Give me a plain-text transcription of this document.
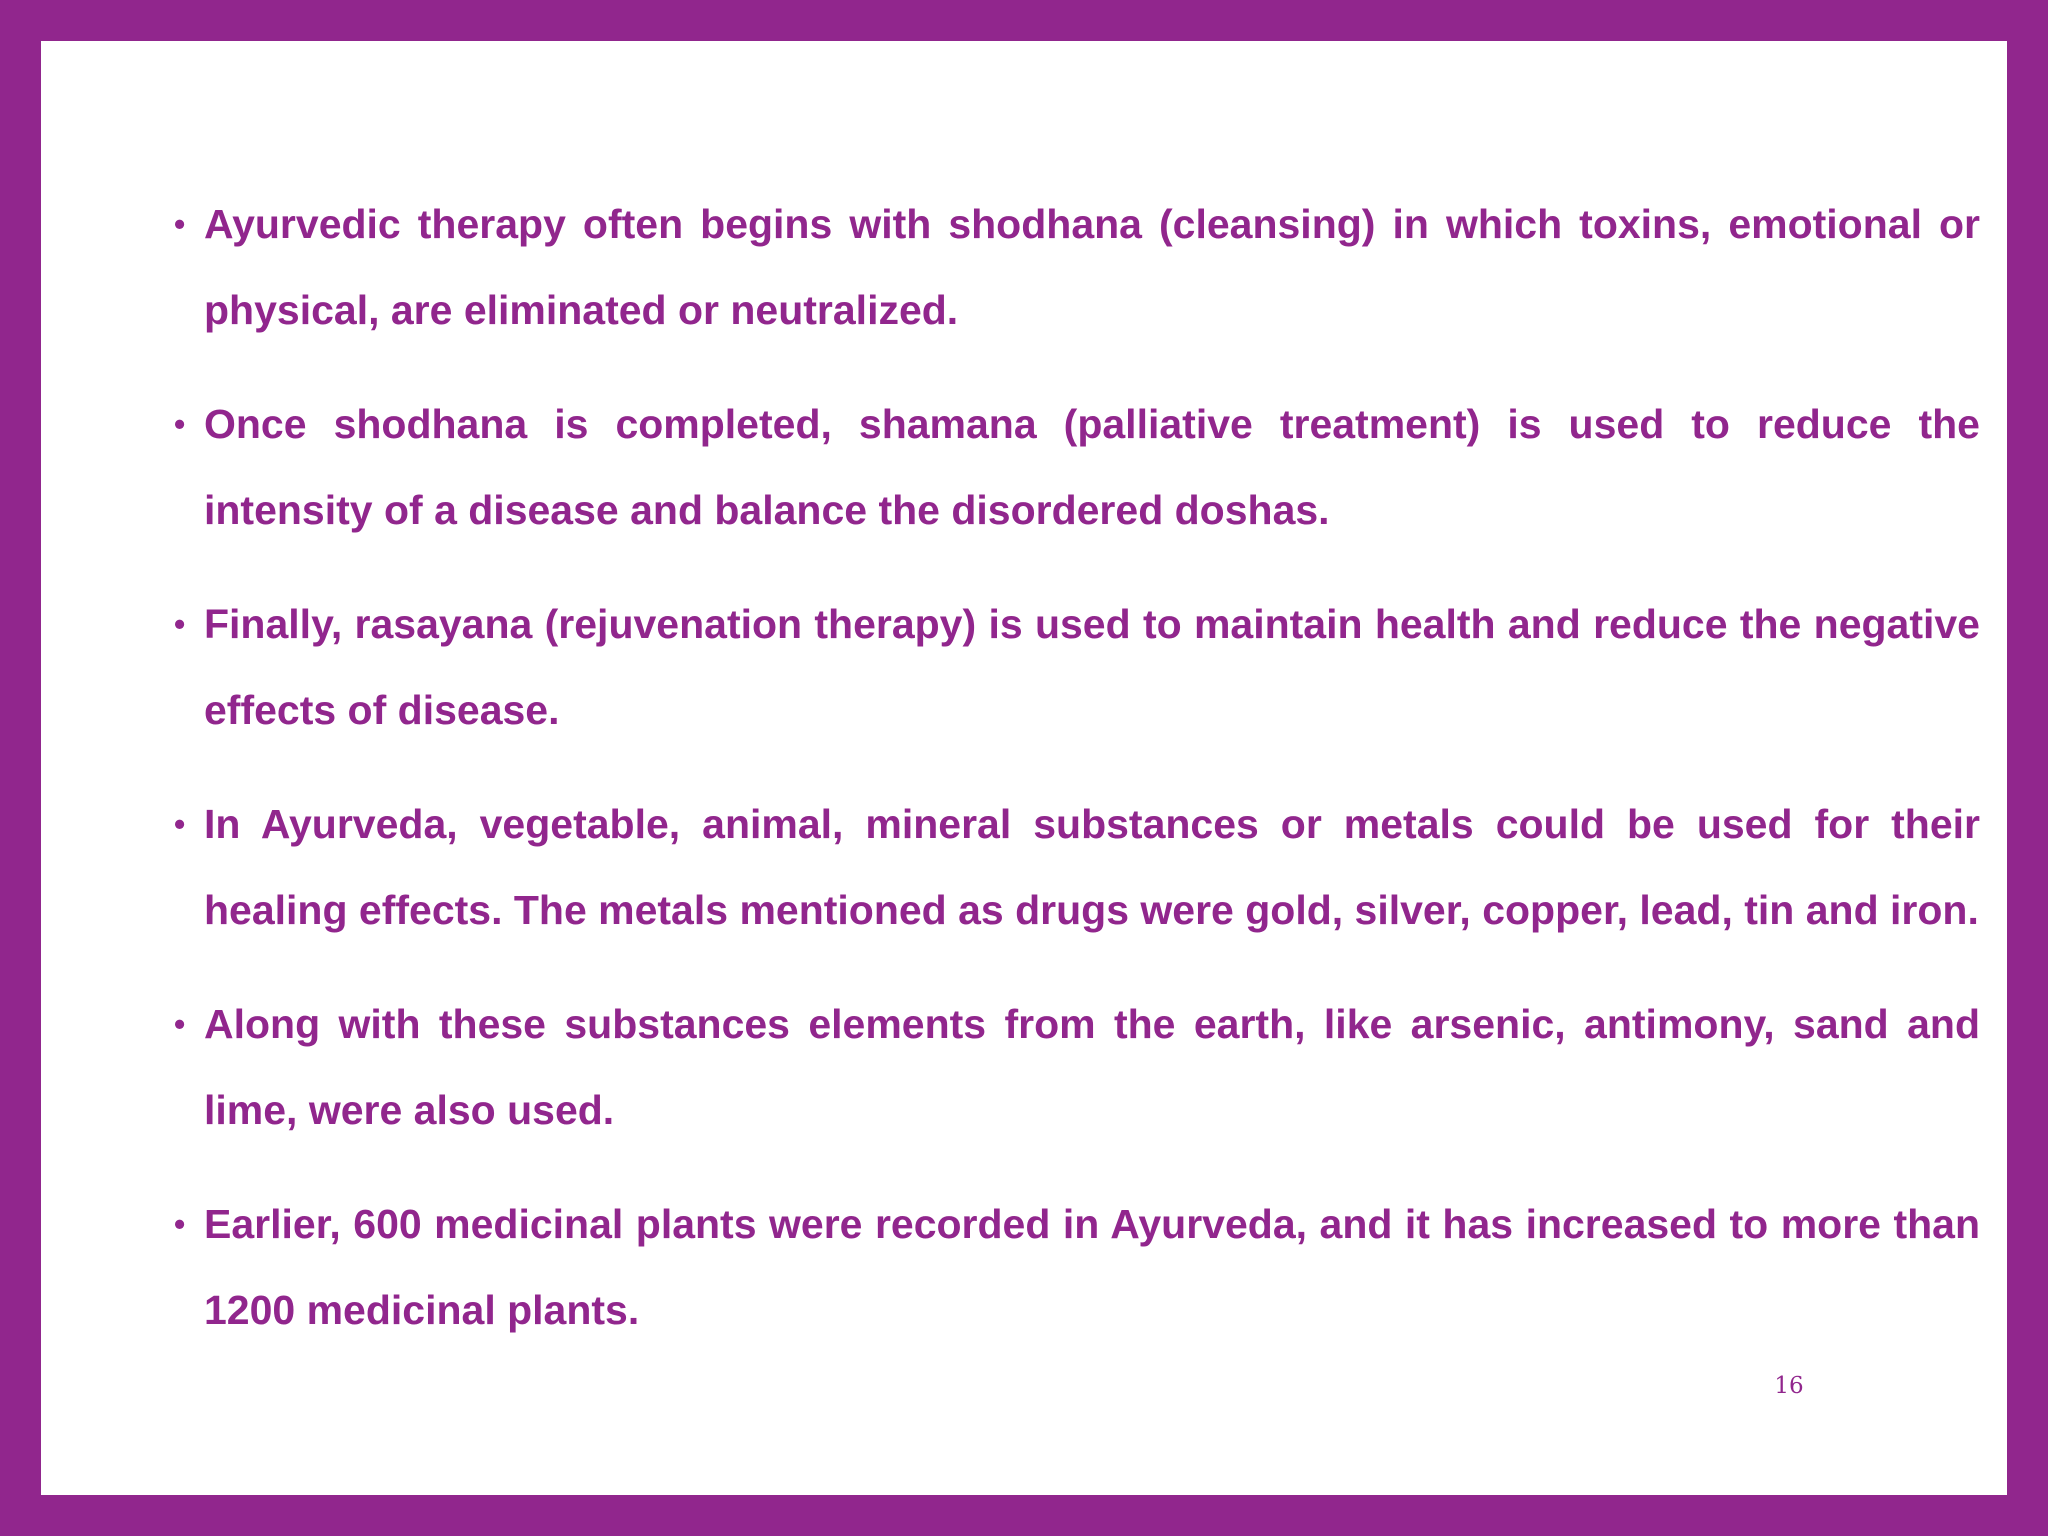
• Ayurvedic therapy often begins with shodhana (cleansing) in which toxins, emotional or physical, are eliminated or neutralized.
• Once shodhana is completed, shamana (palliative treatment) is used to reduce the intensity of a disease and balance the disordered doshas.
• Finally, rasayana (rejuvenation therapy) is used to maintain health and reduce the negative effects of disease.
• In Ayurveda, vegetable, animal, mineral substances or metals could be used for their healing effects. The metals mentioned as drugs were gold, silver, copper, lead, tin and iron.
• Along with these substances elements from the earth, like arsenic, antimony, sand and lime, were also used.
• Earlier, 600 medicinal plants were recorded in Ayurveda, and it has increased to more than 1200 medicinal plants.
16
